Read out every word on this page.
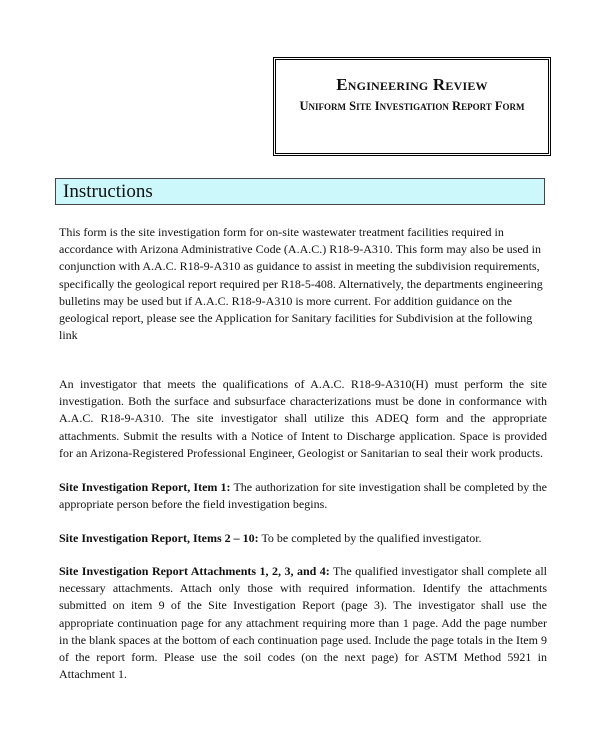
Engineering Review
Uniform Site Investigation Report Form
Instructions

This form is the site investigation form for on-site wastewater treatment facilities required in accordance with Arizona Administrative Code (A.A.C.) R18-9-A310. This form may also be used in conjunction with A.A.C. R18-9-A310 as guidance to assist in meeting the subdivision requirements, specifically the geological report required per R18-5-408. Alternatively, the departments engineering bulletins may be used but if A.A.C. R18-9-A310 is more current. For addition guidance on the geological report, please see the Application for Sanitary facilities for Subdivision at the following link

An investigator that meets the qualifications of A.A.C. R18-9-A310(H) must perform the site investigation. Both the surface and subsurface characterizations must be done in conformance with A.A.C. R18-9-A310. The site investigator shall utilize this ADEQ form and the appropriate attachments. Submit the results with a Notice of Intent to Discharge application. Space is provided for an Arizona-Registered Professional Engineer, Geologist or Sanitarian to seal their work products.

Site Investigation Report, Item 1: The authorization for site investigation shall be completed by the appropriate person before the field investigation begins.

Site Investigation Report, Items 2 – 10: To be completed by the qualified investigator.

Site Investigation Report Attachments 1, 2, 3, and 4: The qualified investigator shall complete all necessary attachments. Attach only those with required information. Identify the attachments submitted on item 9 of the Site Investigation Report (page 3). The investigator shall use the appropriate continuation page for any attachment requiring more than 1 page. Add the page number in the blank spaces at the bottom of each continuation page used. Include the page totals in the Item 9 of the report form. Please use the soil codes (on the next page) for ASTM Method 5921 in Attachment 1.
